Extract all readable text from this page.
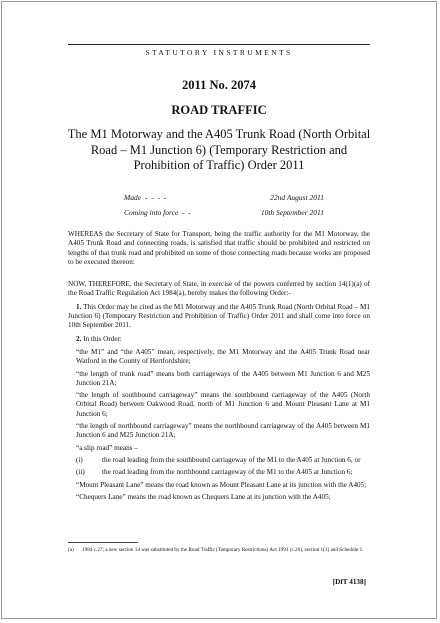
STATUTORY INSTRUMENTS
2011 No. 2074
ROAD TRAFFIC
The M1 Motorway and the A405 Trunk Road (North Orbital Road – M1 Junction 6) (Temporary Restriction and Prohibition of Traffic) Order 2011
Made  -  -  -  -	22nd August 2011
Coming into force  -  -	10th September 2011

WHEREAS the Secretary of State for Transport, being the traffic authority for the M1 Motorway, the A405 Trunk Road and connecting roads, is satisfied that traffic should be prohibited and restricted on lengths of that trunk road and prohibited on some of those connecting roads because works are proposed to be executed thereon:

NOW, THEREFORE, the Secretary of State, in exercise of the powers conferred by section 14(1)(a) of the Road Traffic Regulation Act 1984(a), hereby makes the following Order:-

1. This Order may be cited as the M1 Motorway and the A405 Trunk Road (North Orbital Road – M1 Junction 6) (Temporary Restriction and Prohibition of Traffic) Order 2011 and shall come into force on 10th September 2011.

2. In this Order:

“the M1” and “the A405” mean, respectively, the M1 Motorway and the A405 Trunk Road near Watford in the County of Hertfordshire;

“the length of trunk road” means both carriageways of the A405 between M1 Junction 6 and M25 Junction 21A;

“the length of southbound carriageway” means the southbound carriageway of the A405 (North Orbital Road) between Oakwood Road, north of M1 Junction 6 and Mount Pleasant Lane at M1 Junction 6;

“the length of northbound carriageway” means the northbound carriageway of the A405 between M1 Junction 6 and M25 Junction 21A;

“a slip road” means –

(i)	the road leading from the southbound carriageway of the M1 to the A405 at Junction 6, or
(ii)	the road leading from the northbound carriageway of the M1 to the A405 at Junction 6;

“Mount Pleasant Lane” means the road known as Mount Pleasant Lane at its junction with the A405;

“Chequers Lane” means the road known as Chequers Lane at its junction with the A405;

(a)	1984 c.27; a new section 14 was substituted by the Road Traffic (Temporary Restrictions) Act 1991 (c.26), section 1(1) and Schedule 1.
[DfT 4138]
